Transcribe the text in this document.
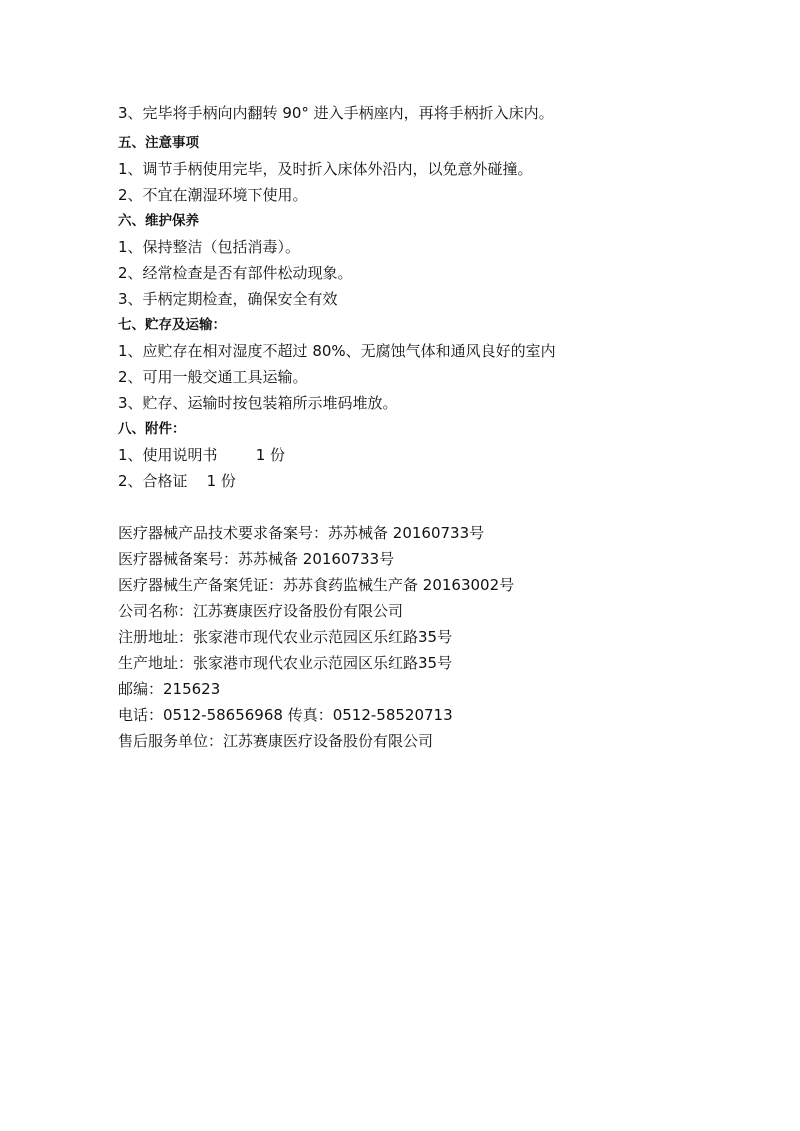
3、完毕将手柄向内翻转 90° 进入手柄座内，再将手柄折入床内。

五、注意事项

1、调节手柄使用完毕，及时折入床体外沿内，以免意外碰撞。

2、不宜在潮湿环境下使用。

六、维护保养

1、保持整洁（包括消毒）。

2、经常检查是否有部件松动现象。

3、手柄定期检查，确保安全有效

七、贮存及运输：

1、应贮存在相对湿度不超过 80%、无腐蚀气体和通风良好的室内

2、可用一般交通工具运输。

3、贮存、运输时按包装箱所示堆码堆放。

八、附件：

1、使用说明书        1 份

2、合格证    1 份

医疗器械产品技术要求备案号：苏苏械备 20160733号

医疗器械备案号：苏苏械备 20160733号

医疗器械生产备案凭证：苏苏食药监械生产备 20163002号

公司名称：江苏赛康医疗设备股份有限公司

注册地址：张家港市现代农业示范园区乐红路35号

生产地址：张家港市现代农业示范园区乐红路35号

邮编：215623

电话：0512-58656968 传真：0512-58520713

售后服务单位：江苏赛康医疗设备股份有限公司
